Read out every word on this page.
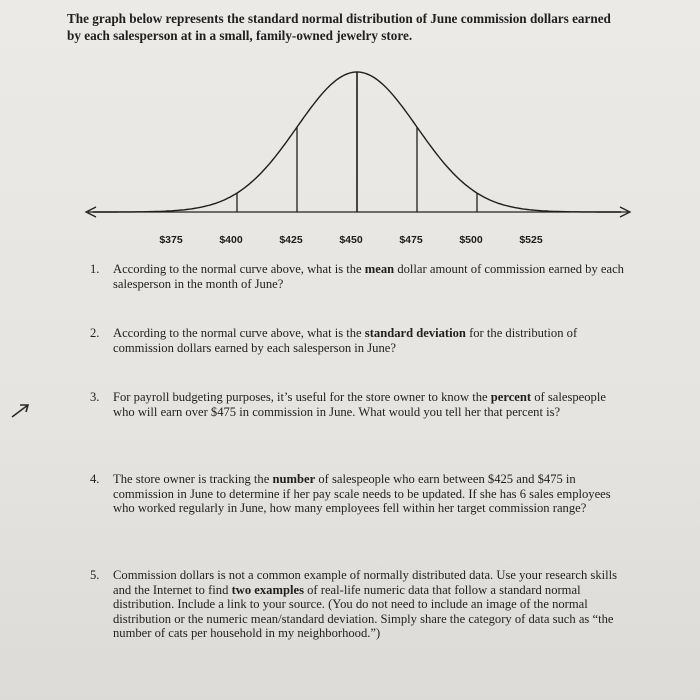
The graph below represents the standard normal distribution of June commission dollars earned by each salesperson at in a small, family-owned jewelry store.
$375	$400	$425	$450	$475	$500	$525
1.	According to the normal curve above, what is the mean dollar amount of commission earned by each salesperson in the month of June?
2.	According to the normal curve above, what is the standard deviation for the distribution of commission dollars earned by each salesperson in June?
3.	For payroll budgeting purposes, it’s useful for the store owner to know the percent of salespeople who will earn over $475 in commission in June. What would you tell her that percent is?
4.	The store owner is tracking the number of salespeople who earn between $425 and $475 in commission in June to determine if her pay scale needs to be updated. If she has 6 sales employees who worked regularly in June, how many employees fell within her target commission range?
5.	Commission dollars is not a common example of normally distributed data. Use your research skills and the Internet to find two examples of real-life numeric data that follow a standard normal distribution. Include a link to your source. (You do not need to include an image of the normal distribution or the numeric mean/standard deviation. Simply share the category of data such as “the number of cats per household in my neighborhood.”)
